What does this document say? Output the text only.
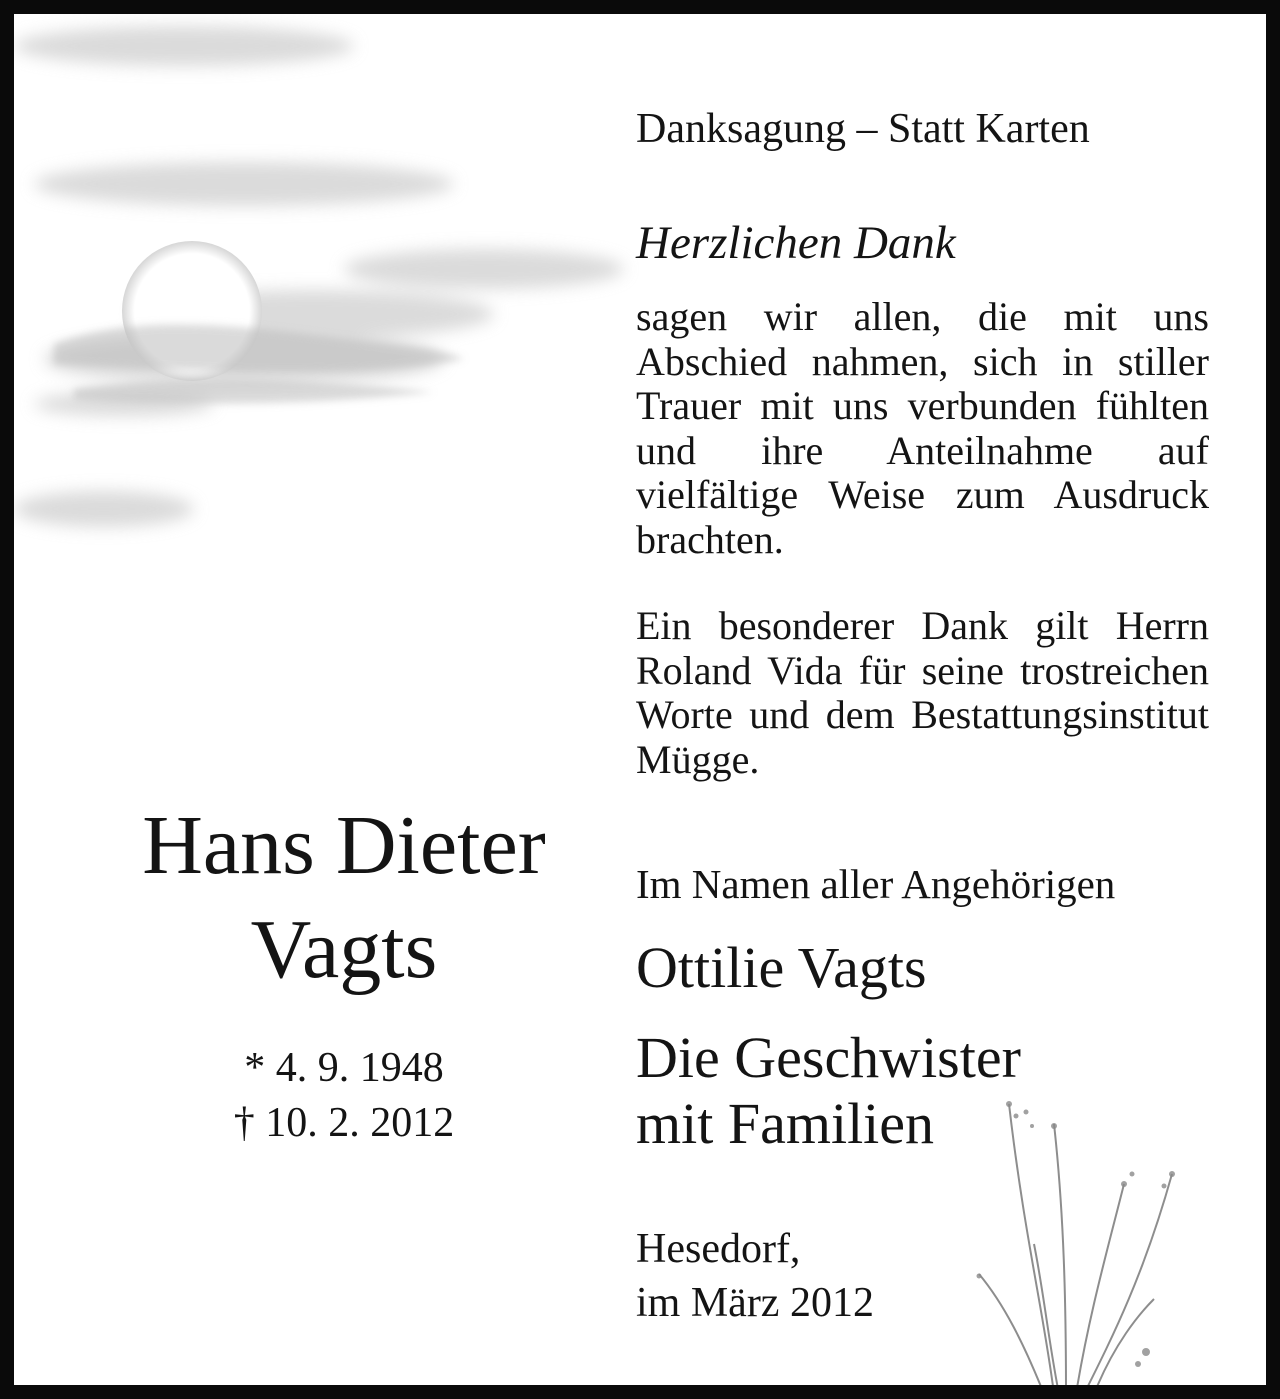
Danksagung – Statt Karten

Herzlichen Dank

sagen wir allen, die mit uns Abschied nahmen, sich in stiller Trauer mit uns verbunden fühlten und ihre Anteilnahme auf vielfältige Weise zum Ausdruck brachten.

Ein besonderer Dank gilt Herrn Roland Vida für seine trostreichen Worte und dem Bestattungsinstitut Mügge.

Hans Dieter

Vagts

* 4. 9. 1948

† 10. 2. 2012

Im Namen aller Angehörigen

Ottilie Vagts

Die Geschwister

mit Familien

Hesedorf,

im März 2012
